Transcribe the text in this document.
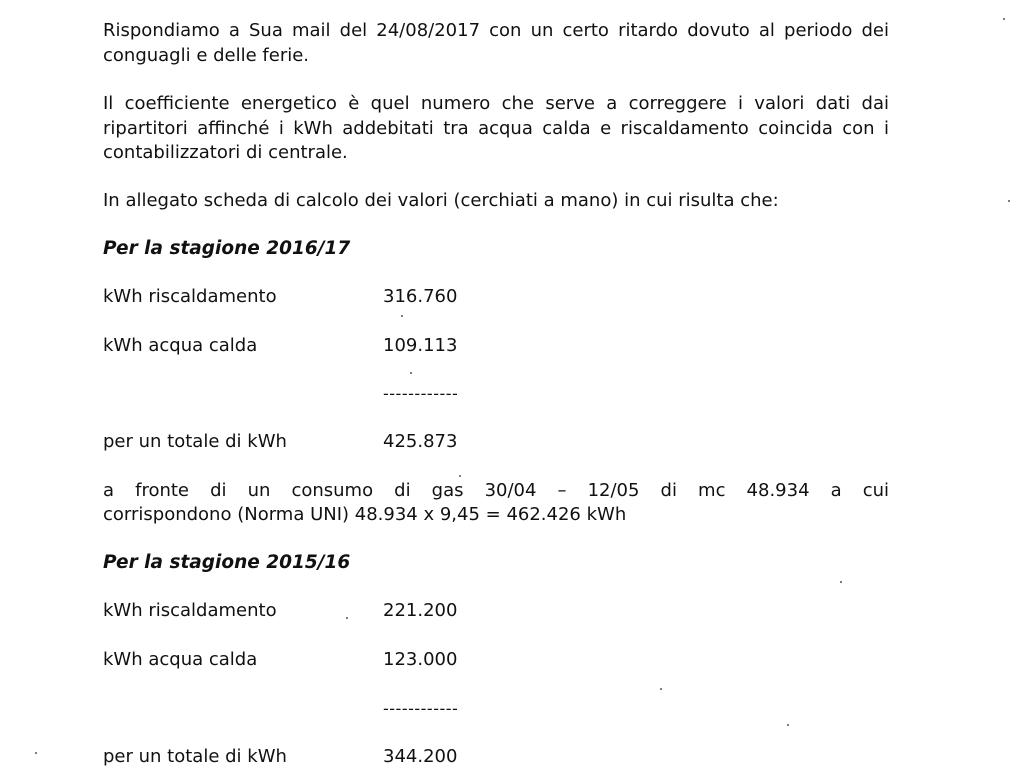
Rispondiamo a Sua mail del 24/08/2017 con un certo ritardo dovuto al periodo dei conguagli e delle ferie.
Il coefficiente energetico è quel numero che serve a correggere i valori dati dai ripartitori affinché i kWh addebitati tra acqua calda e riscaldamento coincida con i contabilizzatori di centrale.
In allegato scheda di calcolo dei valori (cerchiati a mano) in cui risulta che:
Per la stagione 2016/17
kWh riscaldamento	316.760
kWh acqua calda	109.113
------------
per un totale di kWh	425.873
a fronte di un consumo di gas 30/04 – 12/05 di mc 48.934 a cui
corrispondono (Norma UNI) 48.934 x 9,45 = 462.426 kWh
Per la stagione 2015/16
kWh riscaldamento	221.200
kWh acqua calda	123.000
------------
per un totale di kWh	344.200
